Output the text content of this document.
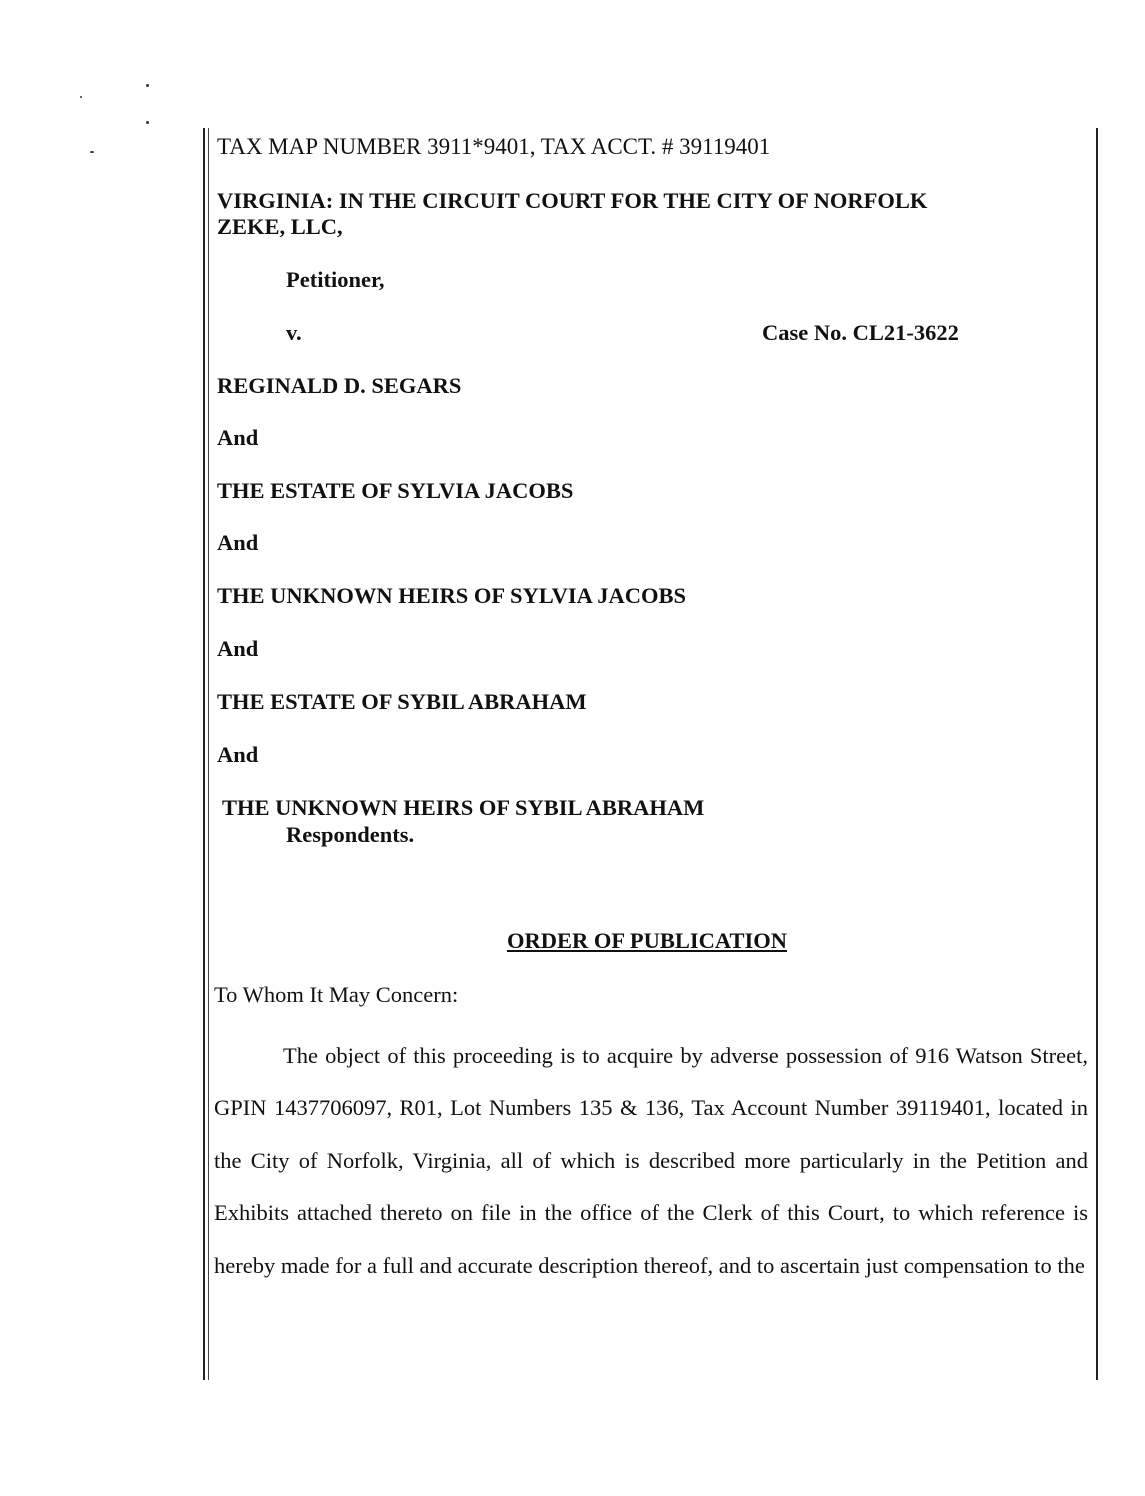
TAX MAP NUMBER 3911*9401, TAX ACCT. # 39119401
VIRGINIA: IN THE CIRCUIT COURT FOR THE CITY OF NORFOLK
ZEKE, LLC,
Petitioner,
v.	Case No. CL21-3622
REGINALD D. SEGARS
And
THE ESTATE OF SYLVIA JACOBS
And
THE UNKNOWN HEIRS OF SYLVIA JACOBS
And
THE ESTATE OF SYBIL ABRAHAM
And
THE UNKNOWN HEIRS OF SYBIL ABRAHAM
Respondents.
ORDER OF PUBLICATION
To Whom It May Concern:
The object of this proceeding is to acquire by adverse possession of 916 Watson Street, GPIN 1437706097, R01, Lot Numbers 135 & 136, Tax Account Number 39119401, located in the City of Norfolk, Virginia, all of which is described more particularly in the Petition and Exhibits attached thereto on file in the office of the Clerk of this Court, to which reference is hereby made for a full and accurate description thereof, and to ascertain just compensation to the
